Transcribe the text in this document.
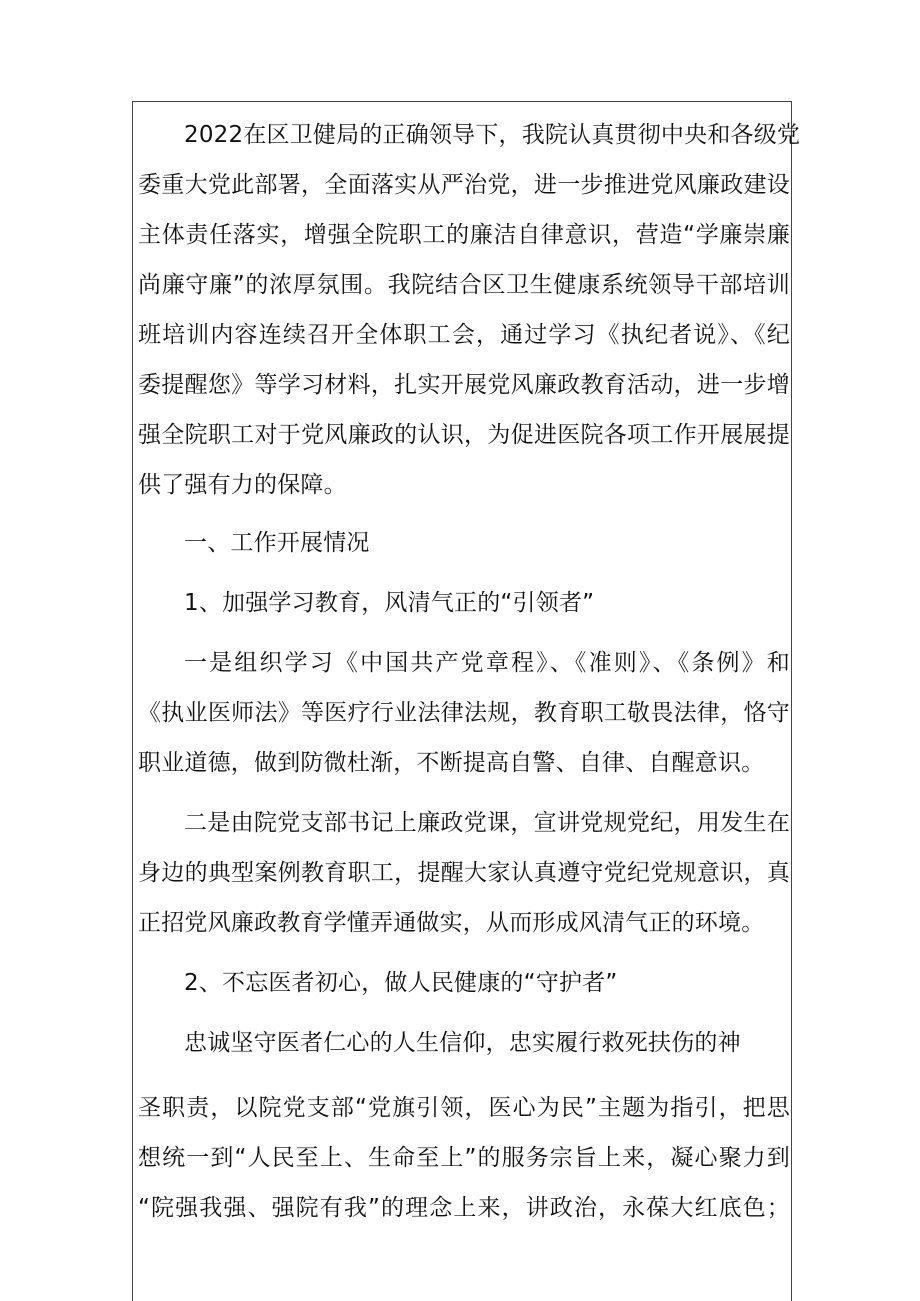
2022在区卫健局的正确领导下，我院认真贯彻中央和各级党
委重大党此部署，全面落实从严治党，进一步推进党风廉政建设
主体责任落实，增强全院职工的廉洁自律意识，营造“学廉崇廉
尚廉守廉”的浓厚氛围。我院结合区卫生健康系统领导干部培训
班培训内容连续召开全体职工会，通过学习《执纪者说》、《纪
委提醒您》等学习材料，扎实开展党风廉政教育活动，进一步增
强全院职工对于党风廉政的认识，为促进医院各项工作开展展提
供了强有力的保障。
一、工作开展情况
1、加强学习教育，风清气正的“引领者”
一是组织学习《中国共产党章程》、《准则》、《条例》和
《执业医师法》等医疗行业法律法规，教育职工敬畏法律，恪守
职业道德，做到防微杜渐，不断提高自警、自律、自醒意识。
二是由院党支部书记上廉政党课，宣讲党规党纪，用发生在
身边的典型案例教育职工，提醒大家认真遵守党纪党规意识，真
正招党风廉政教育学懂弄通做实，从而形成风清气正的环境。
2、不忘医者初心，做人民健康的“守护者”
忠诚坚守医者仁心的人生信仰，忠实履行救死扶伤的神
圣职责，以院党支部“党旗引领，医心为民”主题为指引，把思
想统一到“人民至上、生命至上”的服务宗旨上来，凝心聚力到
“院强我强、强院有我”的理念上来，讲政治，永葆大红底色；
